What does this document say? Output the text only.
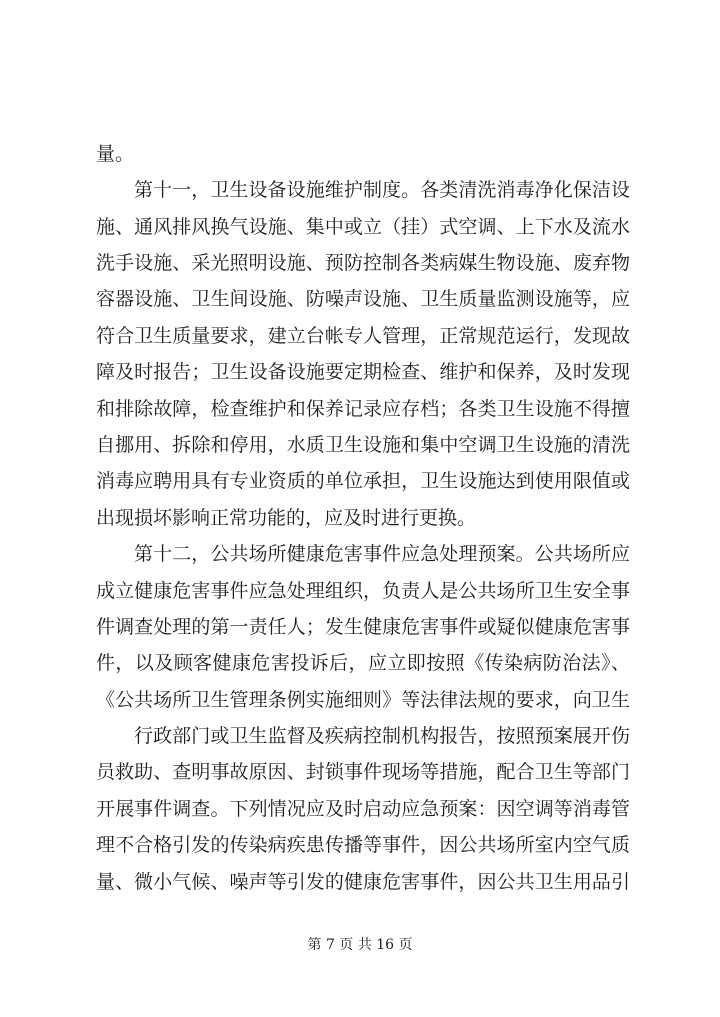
量。
第十一，卫生设备设施维护制度。各类清洗消毒净化保洁设
施、通风排风换气设施、集中或立（挂）式空调、上下水及流水
洗手设施、采光照明设施、预防控制各类病媒生物设施、废弃物
容器设施、卫生间设施、防噪声设施、卫生质量监测设施等，应
符合卫生质量要求，建立台帐专人管理，正常规范运行，发现故
障及时报告；卫生设备设施要定期检查、维护和保养，及时发现
和排除故障，检查维护和保养记录应存档；各类卫生设施不得擅
自挪用、拆除和停用，水质卫生设施和集中空调卫生设施的清洗
消毒应聘用具有专业资质的单位承担，卫生设施达到使用限值或
出现损坏影响正常功能的，应及时进行更换。
第十二，公共场所健康危害事件应急处理预案。公共场所应
成立健康危害事件应急处理组织，负责人是公共场所卫生安全事
件调查处理的第一责任人；发生健康危害事件或疑似健康危害事
件，以及顾客健康危害投诉后，应立即按照《传染病防治法》、
《公共场所卫生管理条例实施细则》等法律法规的要求，向卫生
行政部门或卫生监督及疾病控制机构报告，按照预案展开伤
员救助、查明事故原因、封锁事件现场等措施，配合卫生等部门
开展事件调查。下列情况应及时启动应急预案：因空调等消毒管
理不合格引发的传染病疾患传播等事件，因公共场所室内空气质
量、微小气候、噪声等引发的健康危害事件，因公共卫生用品引
第 7 页 共 16 页
